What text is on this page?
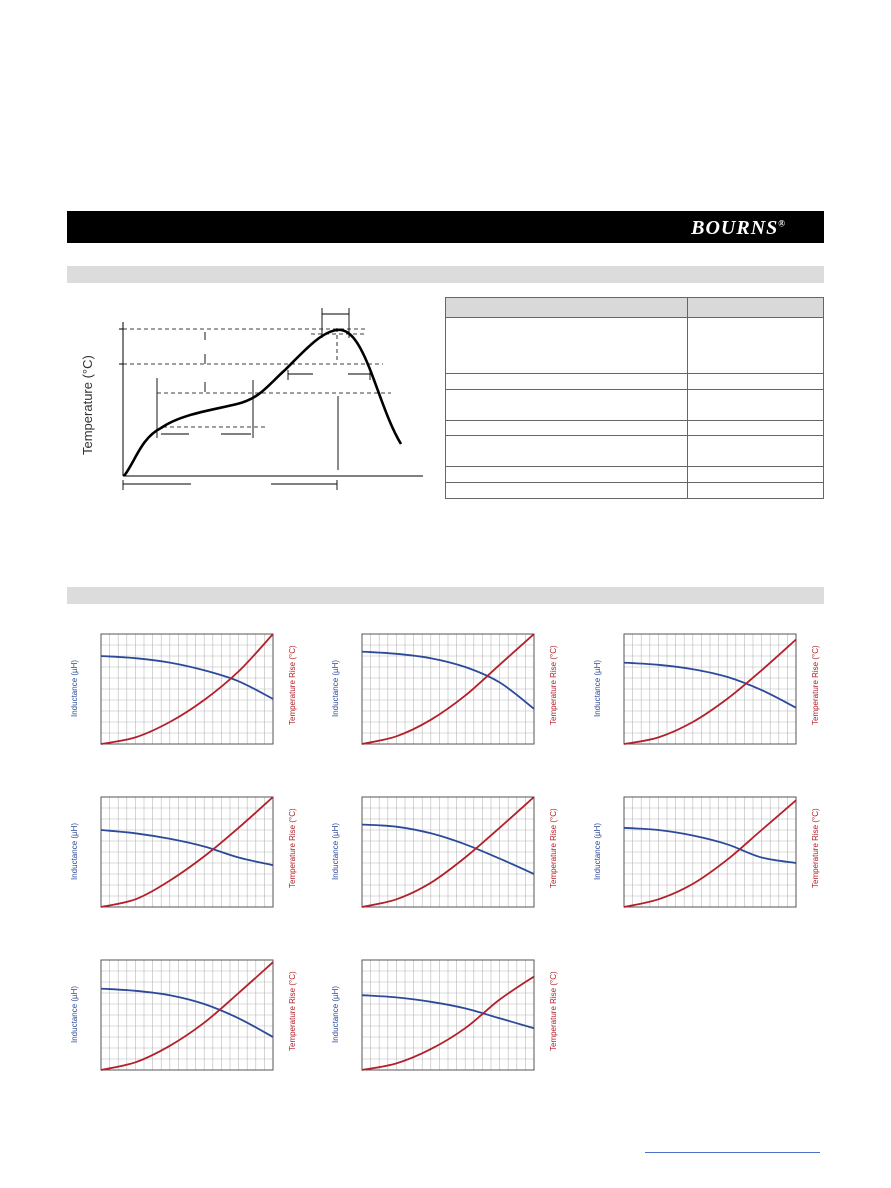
BOURNS®
Temperature (°C)

Inductance (µH)	Temperature Rise (°C)	Inductance (µH)	Temperature Rise (°C)	Inductance (µH)	Temperature Rise (°C)
Inductance (µH)	Temperature Rise (°C)	Inductance (µH)	Temperature Rise (°C)	Inductance (µH)	Temperature Rise (°C)
Inductance (µH)	Temperature Rise (°C)	Inductance (µH)	Temperature Rise (°C)
